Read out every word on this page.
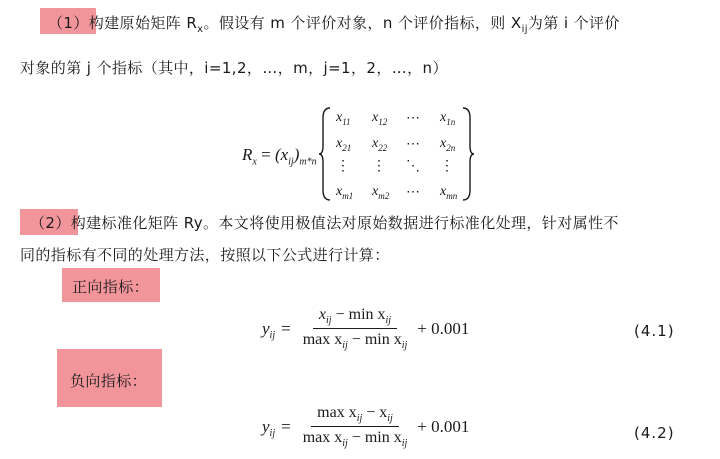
（1）构建原始矩阵 $R_x$。假设有 m 个评价对象，n 个评价指标，则 $X_{ij}$为第 i 个评价
对象的第 j 个指标（其中，i=1,2，…，m，j=1，2，…，n）
$R_x = (x_{ij})_{m*n}$
$x_{11}$ $x_{12}$ ⋯ $x_{1n}$
$x_{21}$ $x_{22}$ ⋯ $x_{2n}$
⋮ ⋮ ⋱ ⋮
$x_{m1}$ $x_{m2}$ ⋯ $x_{mn}$
（2）构建标准化矩阵 Ry。本文将使用极值法对原始数据进行标准化处理，针对属性不
同的指标有不同的处理方法，按照以下公式进行计算：
正向指标：
$y_{ij} = \frac{x_{ij} - \min x_{ij}}{\max x_{ij} - \min x_{ij}} + 0.001$	(4.1)
负向指标：
$y_{ij} = \frac{\max x_{ij} - x_{ij}}{\max x_{ij} - \min x_{ij}} + 0.001$	(4.2)
